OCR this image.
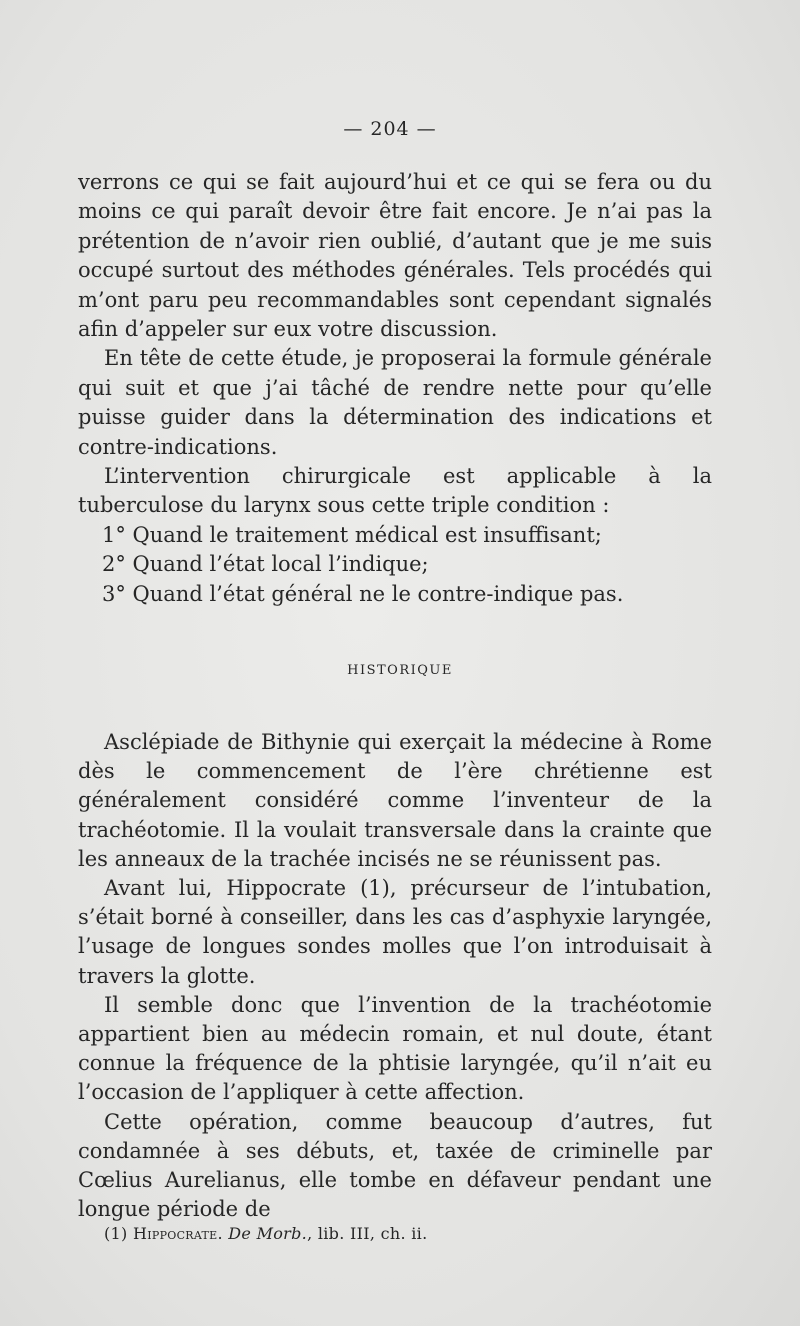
— 204 —

verrons ce qui se fait aujourd’hui et ce qui se fera ou du moins ce qui paraît devoir être fait encore. Je n’ai pas la prétention de n’avoir rien oublié, d’autant que je me suis occupé surtout des méthodes générales. Tels procédés qui m’ont paru peu recommandables sont cependant signalés afin d’appeler sur eux votre discussion.

En tête de cette étude, je proposerai la formule générale qui suit et que j’ai tâché de rendre nette pour qu’elle puisse guider dans la détermination des indications et contre-indications.

L’intervention chirurgicale est applicable à la tuberculose du larynx sous cette triple condition :

1° Quand le traitement médical est insuffisant;
2° Quand l’état local l’indique;
3° Quand l’état général ne le contre-indique pas.
HISTORIQUE

Asclépiade de Bithynie qui exerçait la médecine à Rome dès le commencement de l’ère chrétienne est généralement considéré comme l’inventeur de la trachéotomie. Il la voulait transversale dans la crainte que les anneaux de la trachée incisés ne se réunissent pas.

Avant lui, Hippocrate (1), précurseur de l’intubation, s’était borné à conseiller, dans les cas d’asphyxie laryngée, l’usage de longues sondes molles que l’on introduisait à travers la glotte.

Il semble donc que l’invention de la trachéotomie appartient bien au médecin romain, et nul doute, étant connue la fréquence de la phtisie laryngée, qu’il n’ait eu l’occasion de l’appliquer à cette affection.

Cette opération, comme beaucoup d’autres, fut condamnée à ses débuts, et, taxée de criminelle par Cœlius Aurelianus, elle tombe en défaveur pendant une longue période de

(1) Hippocrate. De Morb., lib. III, ch. ii.
